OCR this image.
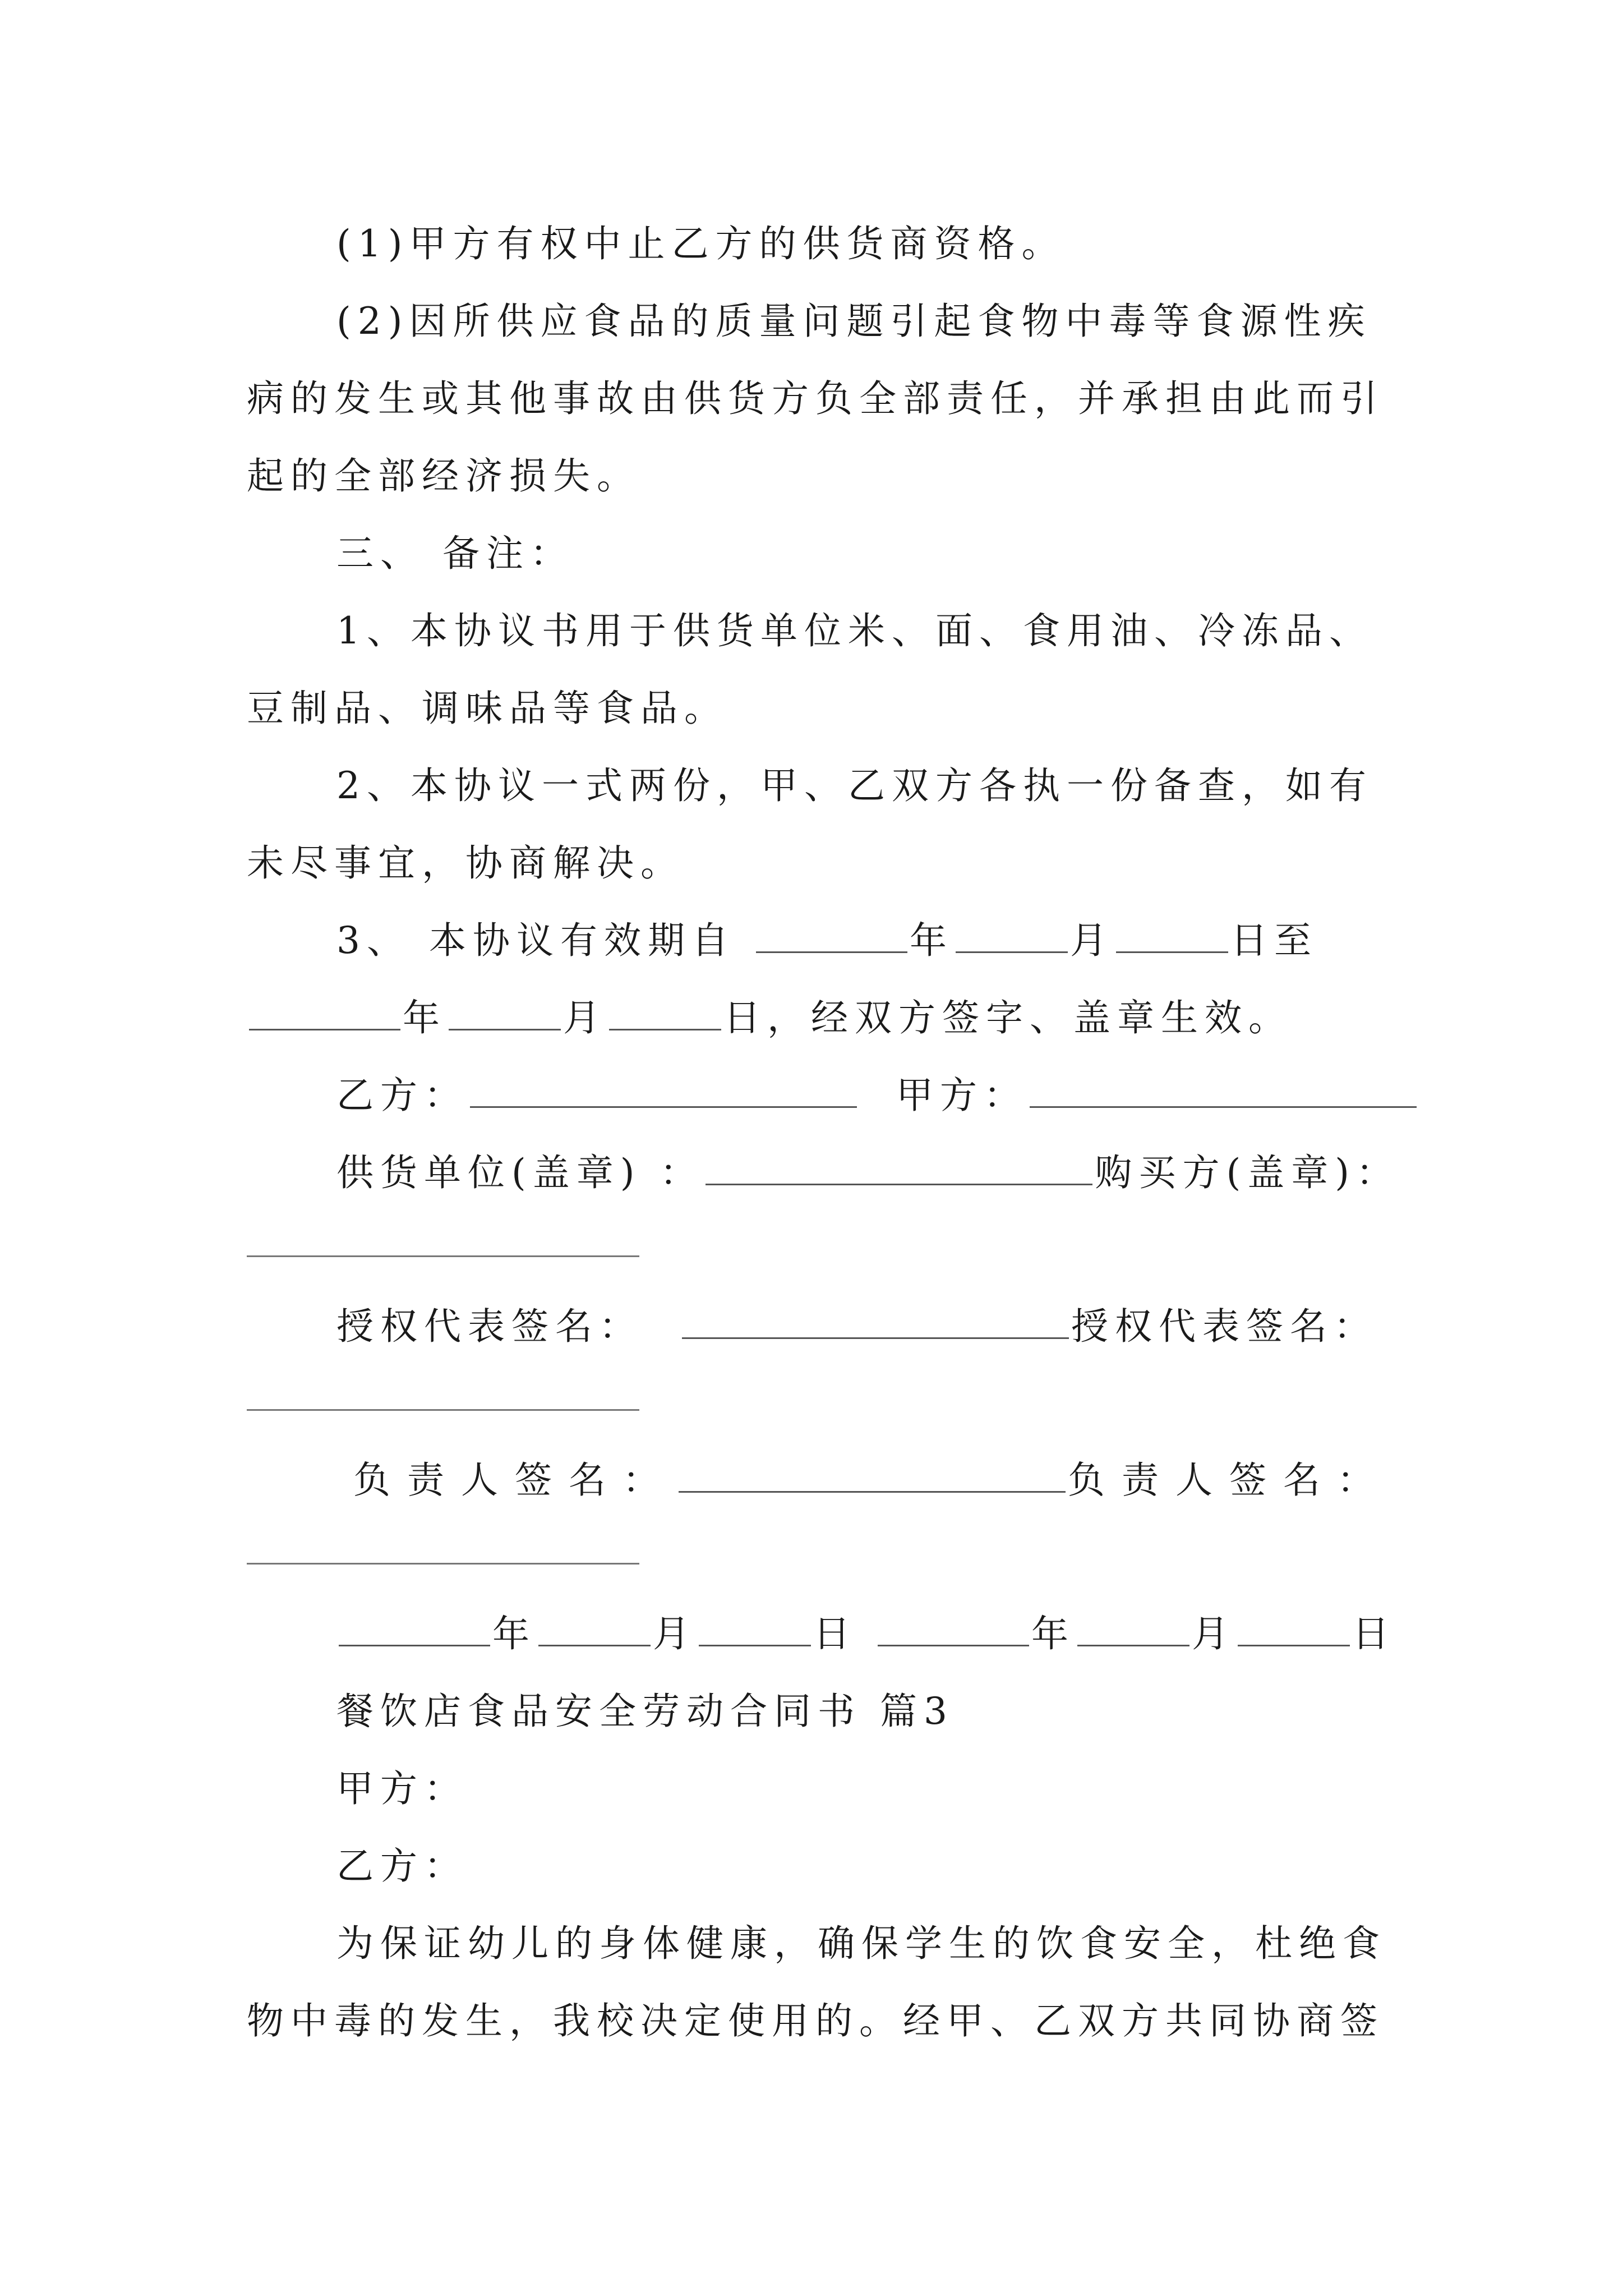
(1)甲方有权中止乙方的供货商资格。
(2)因所供应食品的质量问题引起食物中毒等食源性疾
病的发生或其他事故由供货方负全部责任，并承担由此而引
起的全部经济损失。
三、 备注：
1、本协议书用于供货单位米、面、食用油、冷冻品、
豆制品、调味品等食品。
2、本协议一式两份，甲、乙双方各执一份备查，如有
未尽事宜，协商解决。
3、 本协议有效期自	年	月	日至
年	月	日，经双方签字、盖章生效。
乙方：	甲方：
供货单位(盖章) ：	购买方(盖章)：
授权代表签名：	授权代表签名：
负责人签名：	负责人签名：
年	月	日	年	月	日
餐饮店食品安全劳动合同书 篇3
甲方：
乙方：
为保证幼儿的身体健康，确保学生的饮食安全，杜绝食
物中毒的发生，我校决定使用的。经甲、乙双方共同协商签
